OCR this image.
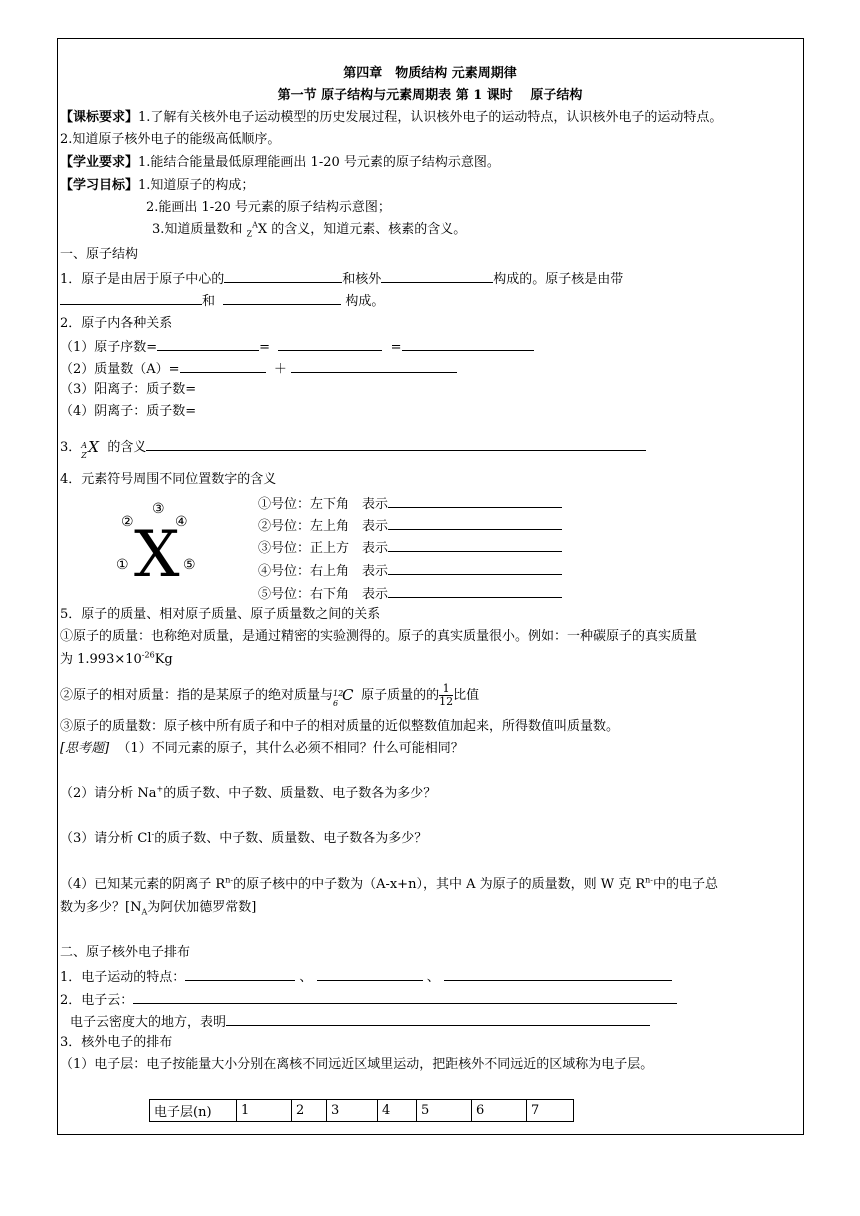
第四章　物质结构 元素周期律
第一节 原子结构与元素周期表 第 1 课时　 原子结构
【课标要求】1.了解有关核外电子运动模型的历史发展过程，认识核外电子的运动特点，认识核外电子的运动特点。
2.知道原子核外电子的能级高低顺序。
【学业要求】1.能结合能量最低原理能画出 1-20 号元素的原子结构示意图。
【学习目标】1.知道原子的构成；
2.能画出 1-20 号元素的原子结构示意图；
3.知道质量数和 $_Z^A$X 的含义，知道元素、核素的含义。
一、原子结构
1．原子是由居于原子中心的	和核外	构成的。原子核是由带
和	构成。
2．原子内各种关系
（1）原子序数=	=	=
（2）质量数（A）=	＋
（3）阳离子：质子数=
（4）阴离子：质子数=
3． A
Z X 的含义
4．元素符号周围不同位置数字的含义
X
①
②
③
④
⑤
①号位：左下角　表示
②号位：左上角　表示
③号位：正上方　表示
④号位：右上角　表示
⑤号位：右下角　表示
5．原子的质量、相对原子质量、原子质量数之间的关系
①原子的质量：也称绝对质量，是通过精密的实验测得的。原子的真实质量很小。例如：一种碳原子的真实质量
为 $1.993\times 10^{-26}Kg$
②原子的相对质量：指的是某原子的绝对质量与 12
6 C 原子质量的的 $\frac{1}{12}$ 比值
③原子的质量数：原子核中所有质子和中子的相对质量的近似整数值加起来，所得数值叫质量数。
[思考题] （1）不同元素的原子，其什么必须不相同？什么可能相同？
（2）请分析 Na+的质子数、中子数、质量数、电子数各为多少？
（3）请分析 Cl-的质子数、中子数、质量数、电子数各为多少？
（4）已知某元素的阴离子 $R^{n-}$的原子核中的中子数为（A-x+n），其中 A 为原子的质量数，则 W 克 $R^{n-}$中的电子总
数为多少？[$N_A$为阿伏加德罗常数]
二、原子核外电子排布
1．电子运动的特点：	、	、
2．电子云：
电子云密度大的地方，表明
3．核外电子的排布
（1）电子层：电子按能量大小分别在离核不同远近区域里运动，把距核外不同远近的区域称为电子层。
电子层(n)	1	2	3	4	5	6	7
